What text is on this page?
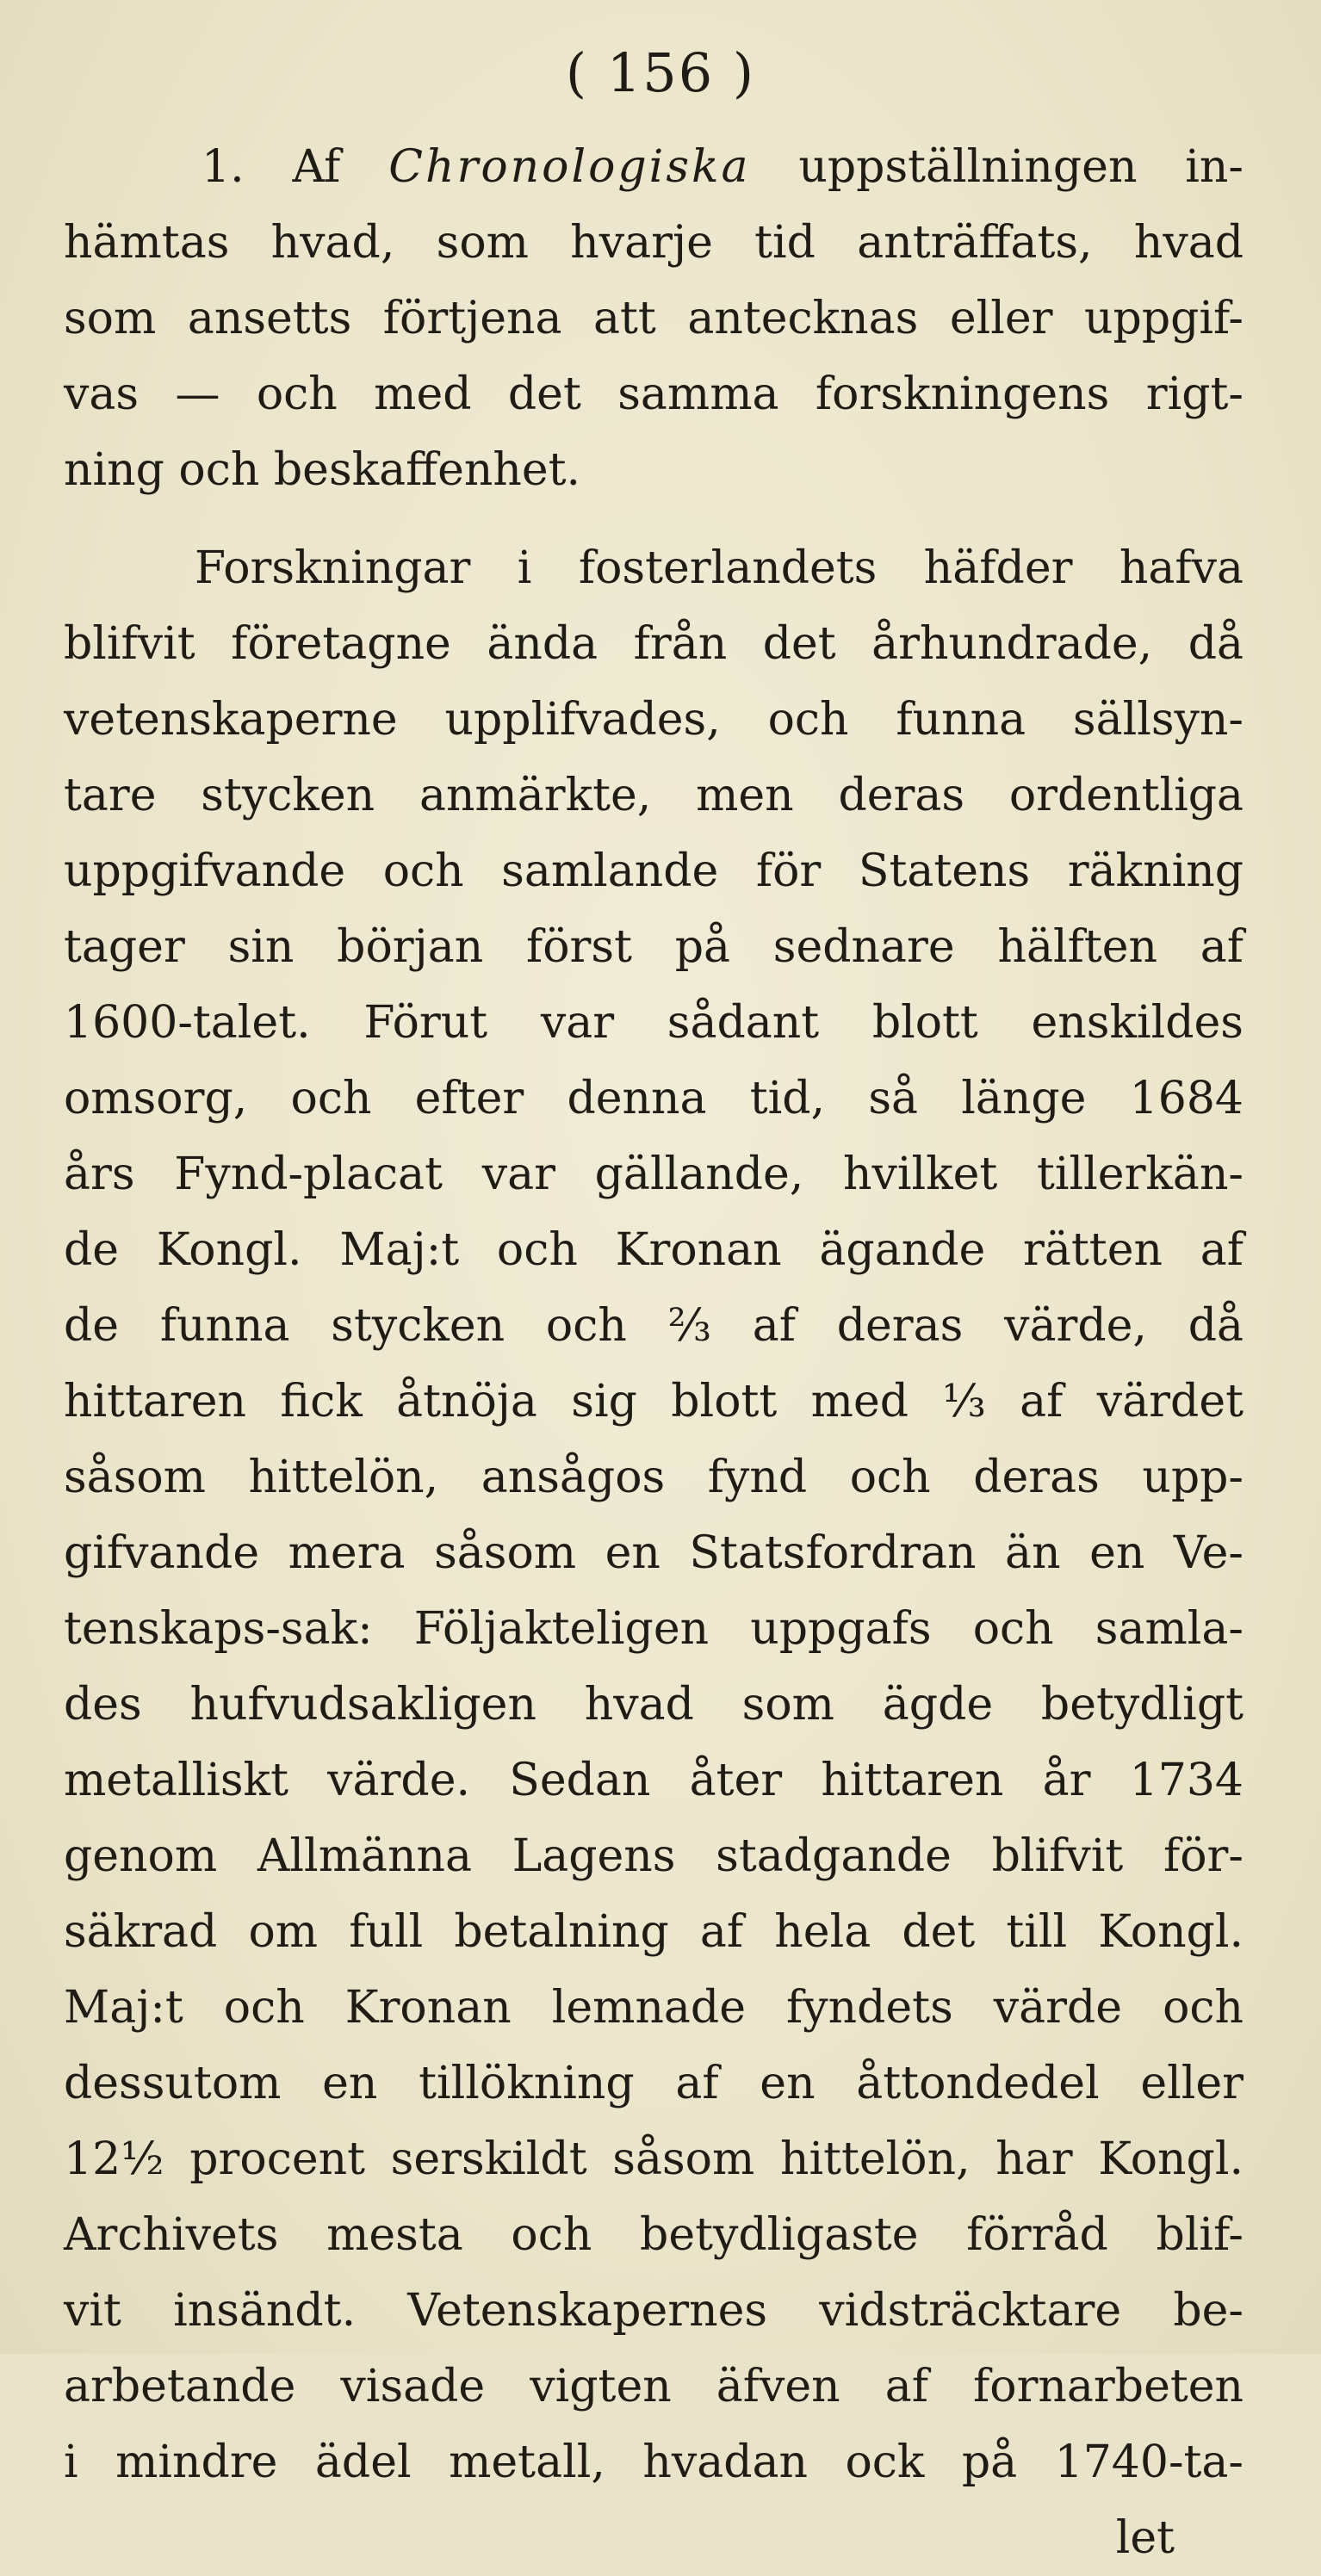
( 156 )
1. Af Chronologiska uppställningen in-
hämtas hvad, som hvarje tid anträffats, hvad
som ansetts förtjena att antecknas eller uppgif-
vas — och med det samma forskningens rigt-
ning och beskaffenhet.
Forskningar i fosterlandets häfder hafva
blifvit företagne ända från det århundrade, då
vetenskaperne upplifvades, och funna sällsyn-
tare stycken anmärkte, men deras ordentliga
uppgifvande och samlande för Statens räkning
tager sin början först på sednare hälften af
1600-talet. Förut var sådant blott enskildes
omsorg, och efter denna tid, så länge 1684
års Fynd-placat var gällande, hvilket tillerkän-
de Kongl. Maj:t och Kronan ägande rätten af
de funna stycken och ⅔ af deras värde, då
hittaren fick åtnöja sig blott med ⅓ af värdet
såsom hittelön, ansågos fynd och deras upp-
gifvande mera såsom en Statsfordran än en Ve-
tenskaps-sak: Följakteligen uppgafs och samla-
des hufvudsakligen hvad som ägde betydligt
metalliskt värde. Sedan åter hittaren år 1734
genom Allmänna Lagens stadgande blifvit för-
säkrad om full betalning af hela det till Kongl.
Maj:t och Kronan lemnade fyndets värde och
dessutom en tillökning af en åttondedel eller
12½ procent serskildt såsom hittelön, har Kongl.
Archivets mesta och betydligaste förråd blif-
vit insändt. Vetenskapernes vidsträcktare be-
arbetande visade vigten äfven af fornarbeten
i mindre ädel metall, hvadan ock på 1740-ta-
let
